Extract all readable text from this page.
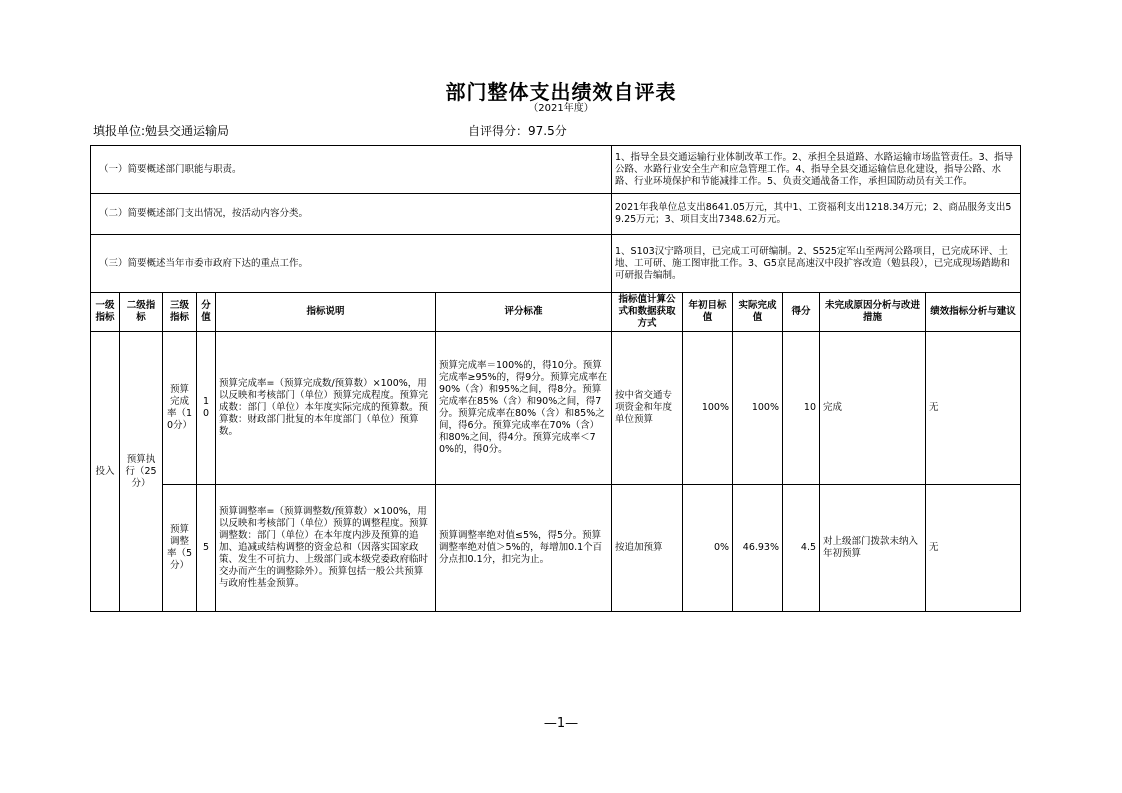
部门整体支出绩效自评表
（2021年度）
填报单位:勉县交通运输局	自评得分：97.5分
（一）简要概述部门职能与职责。						1、指导全县交通运输行业体制改革工作。2、承担全县道路、水路运输市场监管责任。3、指导公路、水路行业安全生产和应急管理工作。4、指导全县交通运输信息化建设，指导公路、水路、行业环境保护和节能减排工作。5、负责交通战备工作，承担国防动员有关工作。					
（二）简要概述部门支出情况，按活动内容分类。						2021年我单位总支出8641.05万元，其中1、工资福利支出1218.34万元；2、商品服务支出59.25万元；3、项目支出7348.62万元。					
（三）简要概述当年市委市政府下达的重点工作。						1、S103汉宁路项目，已完成工可研编制。2、S525定军山至两河公路项目，已完成环评、土地、工可研、施工图审批工作。3、G5京昆高速汉中段扩容改造（勉县段），已完成现场踏勘和可研报告编制。					
一级指标	二级指标	三级指标	分值	指标说明	评分标准	指标值计算公式和数据获取方式	年初目标值	实际完成值	得分	未完成原因分析与改进措施	绩效指标分析与建议
投入	预算执行（25分）	预算完成率（10分）	10	预算完成率=（预算完成数/预算数）×100%，用以反映和考核部门（单位）预算完成程度。预算完成数：部门（单位）本年度实际完成的预算数。预算数：财政部门批复的本年度部门（单位）预算数。	预算完成率＝100%的，得10分。预算完成率≥95%的，得9分。预算完成率在90%（含）和95%之间，得8分。预算完成率在85%（含）和90%之间，得7分。预算完成率在80%（含）和85%之间，得6分。预算完成率在70%（含）和80%之间，得4分。预算完成率＜70%的，得0分。	按中省交通专项资金和年度单位预算	100%	100%	10	完成	无
		预算调整率（5分）	5	预算调整率=（预算调整数/预算数）×100%，用以反映和考核部门（单位）预算的调整程度。预算调整数：部门（单位）在本年度内涉及预算的追加、追减或结构调整的资金总和（因落实国家政策、发生不可抗力、上级部门或本级党委政府临时交办而产生的调整除外）。预算包括一般公共预算与政府性基金预算。	预算调整率绝对值≤5%，得5分。预算调整率绝对值＞5%的，每增加0.1个百分点扣0.1分，扣完为止。	按追加预算	0%	46.93%	4.5	对上级部门拨款未纳入年初预算	无
—1—
